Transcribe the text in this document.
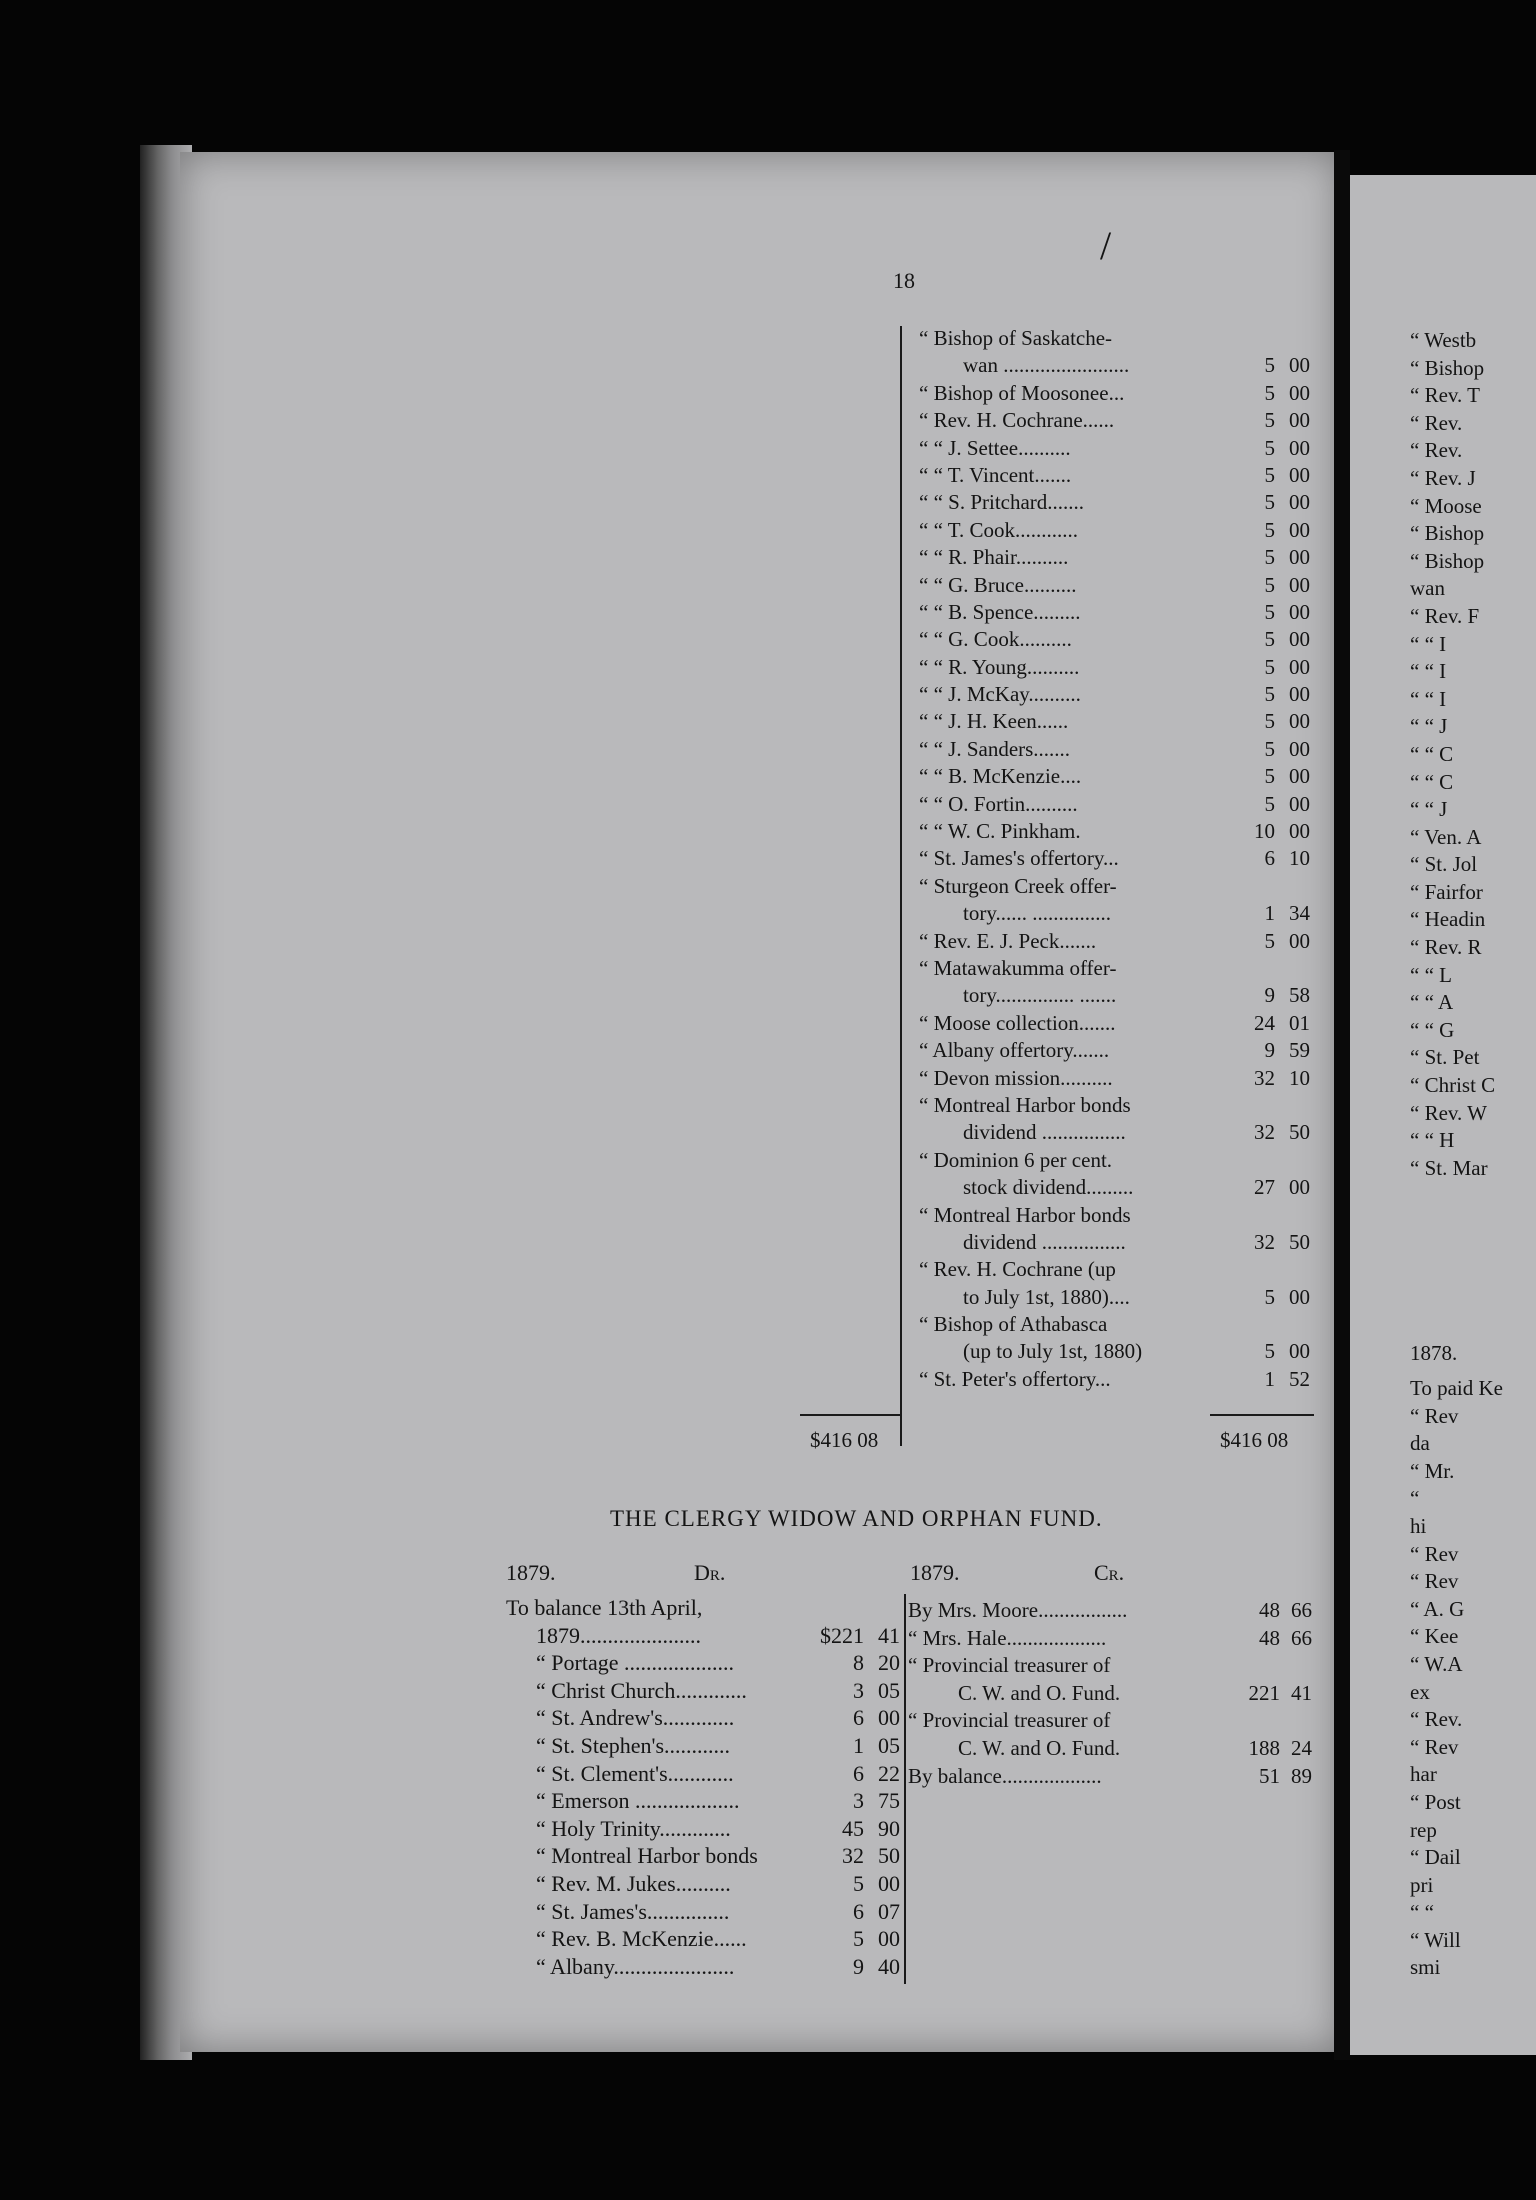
18
/
“ Bishop of Saskatche-
wan ........................	5 00
“ Bishop of Moosonee...	5 00
“ Rev. H. Cochrane......	5 00
“ “ J. Settee..........	5 00
“ “ T. Vincent.......	5 00
“ “ S. Pritchard.......	5 00
“ “ T. Cook............	5 00
“ “ R. Phair..........	5 00
“ “ G. Bruce..........	5 00
“ “ B. Spence.........	5 00
“ “ G. Cook..........	5 00
“ “ R. Young..........	5 00
“ “ J. McKay..........	5 00
“ “ J. H. Keen......	5 00
“ “ J. Sanders.......	5 00
“ “ B. McKenzie....	5 00
“ “ O. Fortin..........	5 00
“ “ W. C. Pinkham.	10 00
“ St. James's offertory...	6 10
“ Sturgeon Creek offer-
tory...... ...............	1 34
“ Rev. E. J. Peck.......	5 00
“ Matawakumma offer-
tory............... .......	9 58
“ Moose collection.......	24 01
“ Albany offertory.......	9 59
“ Devon mission..........	32 10
“ Montreal Harbor bonds
dividend ................	32 50
“ Dominion 6 per cent.
stock dividend.........	27 00
“ Montreal Harbor bonds
dividend ................	32 50
“ Rev. H. Cochrane (up
to July 1st, 1880)....	5 00
“ Bishop of Athabasca
(up to July 1st, 1880)	5 00
“ St. Peter's offertory...	1 52
$416 08	$416 08
THE CLERGY WIDOW AND ORPHAN FUND.
1879.	Dr.	1879.	Cr.
To balance 13th April,
1879......................	$221 41
“ Portage ....................	8 20
“ Christ Church.............	3 05
“ St. Andrew's.............	6 00
“ St. Stephen's............	1 05
“ St. Clement's............	6 22
“ Emerson ...................	3 75
“ Holy Trinity.............	45 90
“ Montreal Harbor bonds	32 50
“ Rev. M. Jukes..........	5 00
“ St. James's...............	6 07
“ Rev. B. McKenzie......	5 00
“ Albany......................	9 40
By Mrs. Moore.................	48 66
“ Mrs. Hale...................	48 66
“ Provincial treasurer of
C. W. and O. Fund.	221 41
“ Provincial treasurer of
C. W. and O. Fund.	188 24
By balance...................	51 89
“ Westb
“ Bishop
“ Rev. T
“ Rev.
“ Rev.
“ Rev. J
“ Moose
“ Bishop
“ Bishop
wan
“ Rev. F
“ “ I
“ “ I
“ “ I
“ “ J
“ “ C
“ “ C
“ “ J
“ Ven. A
“ St. Jol
“ Fairfor
“ Headin
“ Rev. R
“ “ L
“ “ A
“ “ G
“ St. Pet
“ Christ C
“ Rev. W
“ “ H
“ St. Mar
1878.
To paid Ke
“ Rev
da
“ Mr.
“
hi
“ Rev
“ Rev
“ A. G
“ Kee
“ W.A
ex
“ Rev.
“ Rev
har
“ Post
rep
“ Dail
pri
“ “
“ Will
smi
